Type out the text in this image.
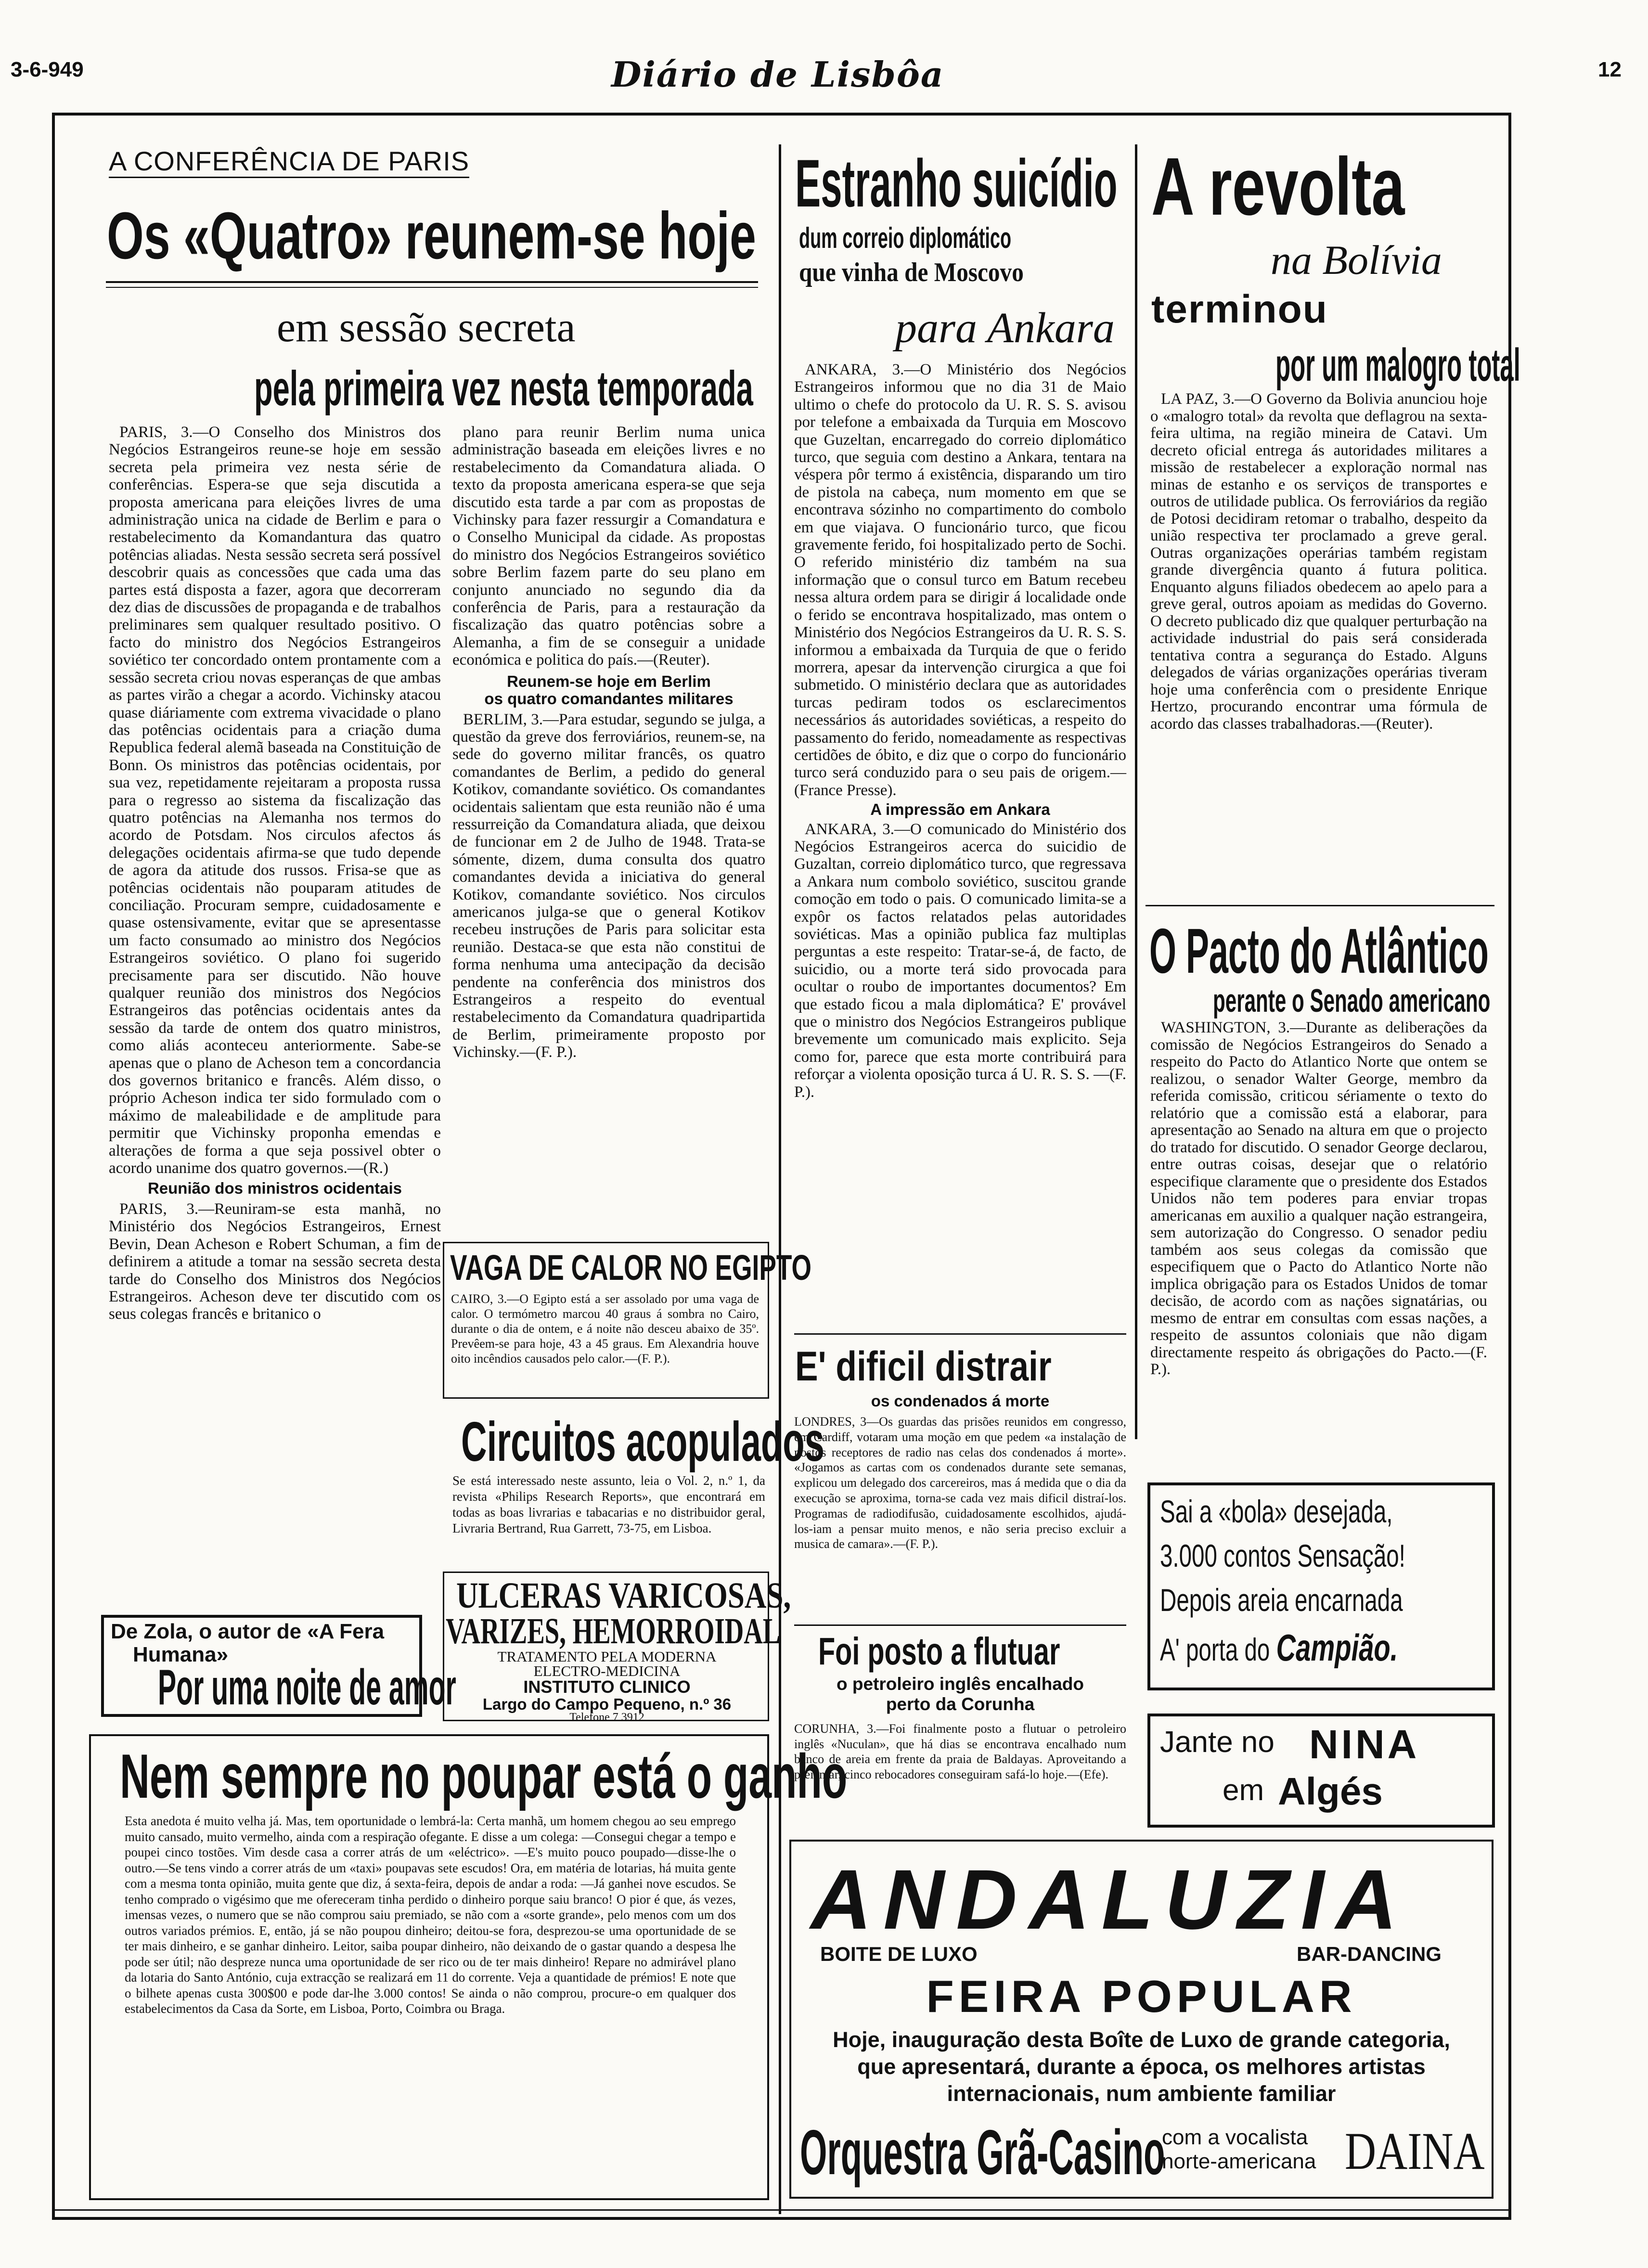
3-6-949	Diário de Lisbôa	12
A CONFERÊNCIA DE PARIS
Os «Quatro» reunem-se hoje
em sessão secreta
pela primeira vez nesta temporada

PARIS, 3.—O Conselho dos Ministros dos Negócios Estrangeiros reune-se hoje em sessão secreta pela primeira vez nesta série de conferências. Espera-se que seja discutida a proposta americana para eleições livres de uma administração unica na cidade de Berlim e para o restabelecimento da Komandantura das quatro potências aliadas. Nesta sessão secreta será possível descobrir quais as concessões que cada uma das partes está disposta a fazer, agora que decorreram dez dias de discussões de propaganda e de trabalhos preliminares sem qualquer resultado positivo. O facto do ministro dos Negócios Estrangeiros soviético ter concordado ontem prontamente com a sessão secreta criou novas esperanças de que ambas as partes virão a chegar a acordo. Vichinsky atacou quase diáriamente com extrema vivacidade o plano das potências ocidentais para a criação duma Republica federal alemã baseada na Constituição de Bonn. Os ministros das potências ocidentais, por sua vez, repetidamente rejeitaram a proposta russa para o regresso ao sistema da fiscalização das quatro potências na Alemanha nos termos do acordo de Potsdam. Nos circulos afectos ás delegações ocidentais afirma-se que tudo depende de agora da atitude dos russos. Frisa-se que as potências ocidentais não pouparam atitudes de conciliação. Procuram sempre, cuidadosamente e quase ostensivamente, evitar que se apresentasse um facto consumado ao ministro dos Negócios Estrangeiros soviético. O plano foi sugerido precisamente para ser discutido. Não houve qualquer reunião dos ministros dos Negócios Estrangeiros das potências ocidentais antes da sessão da tarde de ontem dos quatro ministros, como aliás aconteceu anteriormente. Sabe-se apenas que o plano de Acheson tem a concordancia dos governos britanico e francês. Além disso, o próprio Acheson indica ter sido formulado com o máximo de maleabilidade e de amplitude para permitir que Vichinsky proponha emendas e alterações de forma a que seja possivel obter o acordo unanime dos quatro governos.—(R.)

Reunião dos ministros ocidentais

PARIS, 3.—Reuniram-se esta manhã, no Ministério dos Negócios Estrangeiros, Ernest Bevin, Dean Acheson e Robert Schuman, a fim de definirem a atitude a tomar na sessão secreta desta tarde do Conselho dos Ministros dos Negócios Estrangeiros. Acheson deve ter discutido com os seus colegas francês e britanico o

plano para reunir Berlim numa unica administração baseada em eleições livres e no restabelecimento da Comandatura aliada. O texto da proposta americana espera-se que seja discutido esta tarde a par com as propostas de Vichinsky para fazer ressurgir a Comandatura e o Conselho Municipal da cidade. As propostas do ministro dos Negócios Estrangeiros soviético sobre Berlim fazem parte do seu plano em conjunto anunciado no segundo dia da conferência de Paris, para a restauração da fiscalização das quatro potências sobre a Alemanha, a fim de se conseguir a unidade económica e politica do país.—(Reuter).

Reunem-se hoje em Berlim

os quatro comandantes militares

BERLIM, 3.—Para estudar, segundo se julga, a questão da greve dos ferroviários, reunem-se, na sede do governo militar francês, os quatro comandantes de Berlim, a pedido do general Kotikov, comandante soviético. Os comandantes ocidentais salientam que esta reunião não é uma ressurreição da Comandatura aliada, que deixou de funcionar em 2 de Julho de 1948. Trata-se sómente, dizem, duma consulta dos quatro comandantes devida a iniciativa do general Kotikov, comandante soviético. Nos circulos americanos julga-se que o general Kotikov recebeu instruções de Paris para solicitar esta reunião. Destaca-se que esta não constitui de forma nenhuma uma antecipação da decisão pendente na conferência dos ministros dos Estrangeiros a respeito do eventual restabelecimento da Comandatura quadripartida de Berlim, primeiramente proposto por Vichinsky.—(F. P.).

De Zola, o autor de «A Fera
Humana»
Por uma noite de amor
VAGA DE CALOR NO EGIPTO
CAIRO, 3.—O Egipto está a ser assolado por uma vaga de calor. O termómetro marcou 40 graus á sombra no Cairo, durante o dia de ontem, e á noite não desceu abaixo de 35º. Prevêem-se para hoje, 43 a 45 graus. Em Alexandria houve oito incêndios causados pelo calor.—(F. P.).
Circuitos acopulados
Se está interessado neste assunto, leia o Vol. 2, n.º 1, da revista «Philips Research Reports», que encontrará em todas as boas livrarias e tabacarias e no distribuidor geral, Livraria Bertrand, Rua Garrett, 73-75, em Lisboa.
ULCERAS VARICOSAS,
VARIZES, HEMORROIDAL
TRATAMENTO PELA MODERNA
ELECTRO-MEDICINA
INSTITUTO CLINICO
Largo do Campo Pequeno, n.º 36
Telefone 7 3912
Nem sempre no poupar está o ganho
Esta anedota é muito velha já. Mas, tem oportunidade o lembrá-la: Certa manhã, um homem chegou ao seu emprego muito cansado, muito vermelho, ainda com a respiração ofegante. E disse a um colega: —Consegui chegar a tempo e poupei cinco tostões. Vim desde casa a correr atrás de um «eléctrico». —E's muito pouco poupado—disse-lhe o outro.—Se tens vindo a correr atrás de um «taxi» poupavas sete escudos! Ora, em matéria de lotarias, há muita gente com a mesma tonta opinião, muita gente que diz, á sexta-feira, depois de andar a roda: —Já ganhei nove escudos. Se tenho comprado o vigésimo que me ofereceram tinha perdido o dinheiro porque saiu branco! O pior é que, ás vezes, imensas vezes, o numero que se não comprou saiu premiado, se não com a «sorte grande», pelo menos com um dos outros variados prémios. E, então, já se não poupou dinheiro; deitou-se fora, desprezou-se uma oportunidade de se ter mais dinheiro, e se ganhar dinheiro. Leitor, saiba poupar dinheiro, não deixando de o gastar quando a despesa lhe pode ser útil; não despreze nunca uma oportunidade de ser rico ou de ter mais dinheiro! Repare no admirável plano da lotaria do Santo António, cuja extracção se realizará em 11 do corrente. Veja a quantidade de prémios! E note que o bilhete apenas custa 300$00 e pode dar-lhe 3.000 contos! Se ainda o não comprou, procure-o em qualquer dos estabelecimentos da Casa da Sorte, em Lisboa, Porto, Coimbra ou Braga.
Estranho suicídio
dum correio diplomático
que vinha de Moscovo
para Ankara

ANKARA, 3.—O Ministério dos Negócios Estrangeiros informou que no dia 31 de Maio ultimo o chefe do protocolo da U. R. S. S. avisou por telefone a embaixada da Turquia em Moscovo que Guzeltan, encarregado do correio diplomático turco, que seguia com destino a Ankara, tentara na véspera pôr termo á existência, disparando um tiro de pistola na cabeça, num momento em que se encontrava sózinho no compartimento do combolo em que viajava. O funcionário turco, que ficou gravemente ferido, foi hospitalizado perto de Sochi. O referido ministério diz também na sua informação que o consul turco em Batum recebeu nessa altura ordem para se dirigir á localidade onde o ferido se encontrava hospitalizado, mas ontem o Ministério dos Negócios Estrangeiros da U. R. S. S. informou a embaixada da Turquia de que o ferido morrera, apesar da intervenção cirurgica a que foi submetido. O ministério declara que as autoridades turcas pediram todos os esclarecimentos necessários ás autoridades soviéticas, a respeito do passamento do ferido, nomeadamente as respectivas certidões de óbito, e diz que o corpo do funcionário turco será conduzido para o seu pais de origem.—(France Presse).

A impressão em Ankara

ANKARA, 3.—O comunicado do Ministério dos Negócios Estrangeiros acerca do suicidio de Guzaltan, correio diplomático turco, que regressava a Ankara num combolo soviético, suscitou grande comoção em todo o pais. O comunicado limita-se a expôr os factos relatados pelas autoridades soviéticas. Mas a opinião publica faz multiplas perguntas a este respeito: Tratar-se-á, de facto, de suicidio, ou a morte terá sido provocada para ocultar o roubo de importantes documentos? Em que estado ficou a mala diplomática? E' provável que o ministro dos Negócios Estrangeiros publique brevemente um comunicado mais explicito. Seja como for, parece que esta morte contribuirá para reforçar a violenta oposição turca á U. R. S. S. —(F. P.).

E' dificil distrair
os condenados á morte
LONDRES, 3—Os guardas das prisões reunidos em congresso, em Cardiff, votaram uma moção em que pedem «a instalação de postos receptores de radio nas celas dos condenados á morte». «Jogamos as cartas com os condenados durante sete semanas, explicou um delegado dos carcereiros, mas á medida que o dia da execução se aproxima, torna-se cada vez mais dificil distraí-los. Programas de radiodifusão, cuidadosamente escolhidos, ajudá-los-iam a pensar muito menos, e não seria preciso excluir a musica de camara».—(F. P.).
Foi posto a flutuar
o petroleiro inglês encalhado
perto da Corunha
CORUNHA, 3.—Foi finalmente posto a flutuar o petroleiro inglês «Nuculan», que há dias se encontrava encalhado num banco de areia em frente da praia de Baldayas. Aproveitando a preiamar, cinco rebocadores conseguiram safá-lo hoje.—(Efe).
A revolta
na Bolívia
terminou
por um malogro total
LA PAZ, 3.—O Governo da Bolivia anunciou hoje o «malogro total» da revolta que deflagrou na sexta-feira ultima, na região mineira de Catavi. Um decreto oficial entrega ás autoridades militares a missão de restabelecer a exploração normal nas minas de estanho e os serviços de transportes e outros de utilidade publica. Os ferroviários da região de Potosi decidiram retomar o trabalho, despeito da união respectiva ter proclamado a greve geral. Outras organizações operárias também registam grande divergência quanto á futura politica. Enquanto alguns filiados obedecem ao apelo para a greve geral, outros apoiam as medidas do Governo. O decreto publicado diz que qualquer perturbação na actividade industrial do pais será considerada tentativa contra a segurança do Estado. Alguns delegados de várias organizações operárias tiveram hoje uma conferência com o presidente Enrique Hertzo, procurando encontrar uma fórmula de acordo das classes trabalhadoras.—(Reuter).
O Pacto do Atlântico
perante o Senado americano
WASHINGTON, 3.—Durante as deliberações da comissão de Negócios Estrangeiros do Senado a respeito do Pacto do Atlantico Norte que ontem se realizou, o senador Walter George, membro da referida comissão, criticou sériamente o texto do relatório que a comissão está a elaborar, para apresentação ao Senado na altura em que o projecto do tratado for discutido. O senador George declarou, entre outras coisas, desejar que o relatório especifique claramente que o presidente dos Estados Unidos não tem poderes para enviar tropas americanas em auxilio a qualquer nação estrangeira, sem autorização do Congresso. O senador pediu também aos seus colegas da comissão que especifiquem que o Pacto do Atlantico Norte não implica obrigação para os Estados Unidos de tomar decisão, de acordo com as nações signatárias, ou mesmo de entrar em consultas com essas nações, a respeito de assuntos coloniais que não digam directamente respeito ás obrigações do Pacto.—(F. P.).
Sai a «bola» desejada,
3.000 contos Sensação!
Depois areia encarnada
A' porta do Campião.
Jante no NINA
em Algés
ANDALUZIA
BOITE DE LUXO	BAR-DANCING
FEIRA POPULAR
Hoje, inauguração desta Boîte de Luxo de grande categoria,
que apresentará, durante a época, os melhores artistas
internacionais, num ambiente familiar
Orquestra Grã-Casino
com a vocalista
norte-americana DAINA
